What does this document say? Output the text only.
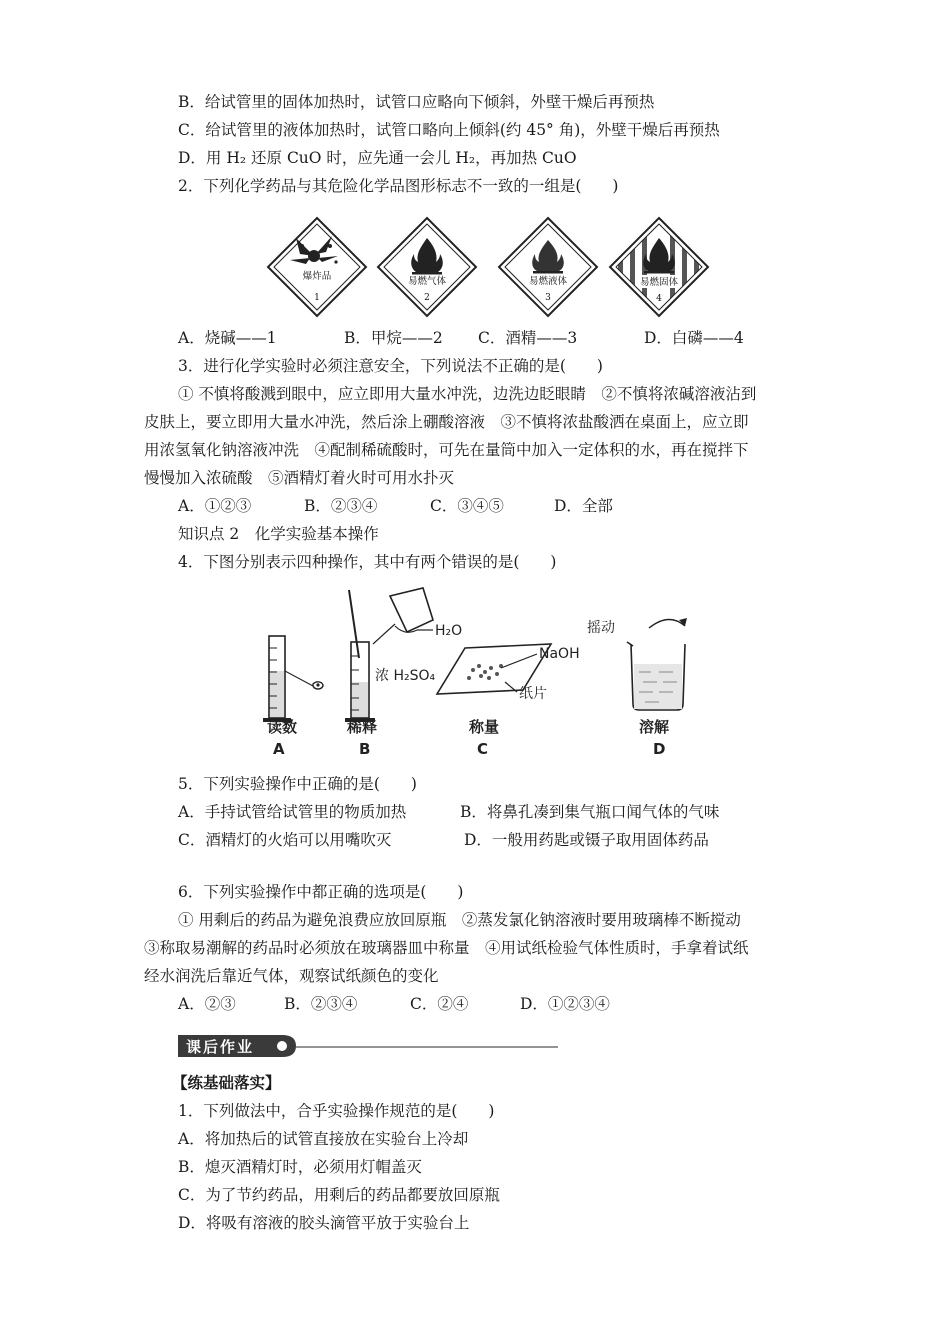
B．给试管里的固体加热时，试管口应略向下倾斜，外壁干燥后再预热
C．给试管里的液体加热时，试管口略向上倾斜(约 45° 角)，外壁干燥后再预热
D．用 H₂ 还原 CuO 时，应先通一会儿 H₂，再加热 CuO
2．下列化学药品与其危险化学品图形标志不一致的一组是(　　)
爆炸品
1
易燃气体
2
易燃液体
3
易燃固体
4
A．烧碱——1	B．甲烷——2 C．酒精——3	D．白磷——4
3．进行化学实验时必须注意安全，下列说法不正确的是(　　)
① 不慎将酸溅到眼中，应立即用大量水冲洗，边洗边眨眼睛　②不慎将浓碱溶液沾到
皮肤上，要立即用大量水冲洗，然后涂上硼酸溶液　③不慎将浓盐酸洒在桌面上，应立即
用浓氢氧化钠溶液冲洗　④配制稀硫酸时，可先在量筒中加入一定体积的水，再在搅拌下
慢慢加入浓硫酸　⑤酒精灯着火时可用水扑灭
A．①②③	B．②③④	C．③④⑤	D．全部
知识点 2　化学实验基本操作
4．下图分别表示四种操作，其中有两个错误的是(　　)
读数
A
H₂O
浓 H₂SO₄
稀释
B
NaOH
纸片
称量
C
摇动
溶解
D
5．下列实验操作中正确的是(　　)
A．手持试管给试管里的物质加热	B．将鼻孔凑到集气瓶口闻气体的气味
C．酒精灯的火焰可以用嘴吹灭	D．一般用药匙或镊子取用固体药品
6．下列实验操作中都正确的选项是(　　)
① 用剩后的药品为避免浪费应放回原瓶　②蒸发氯化钠溶液时要用玻璃棒不断搅动
③称取易潮解的药品时必须放在玻璃器皿中称量　④用试纸检验气体性质时，手拿着试纸
经水润洗后靠近气体，观察试纸颜色的变化
A．②③	B．②③④	C．②④	D．①②③④
课后作业
【练基础落实】
1．下列做法中，合乎实验操作规范的是(　　)
A．将加热后的试管直接放在实验台上冷却
B．熄灭酒精灯时，必须用灯帽盖灭
C．为了节约药品，用剩后的药品都要放回原瓶
D．将吸有溶液的胶头滴管平放于实验台上
